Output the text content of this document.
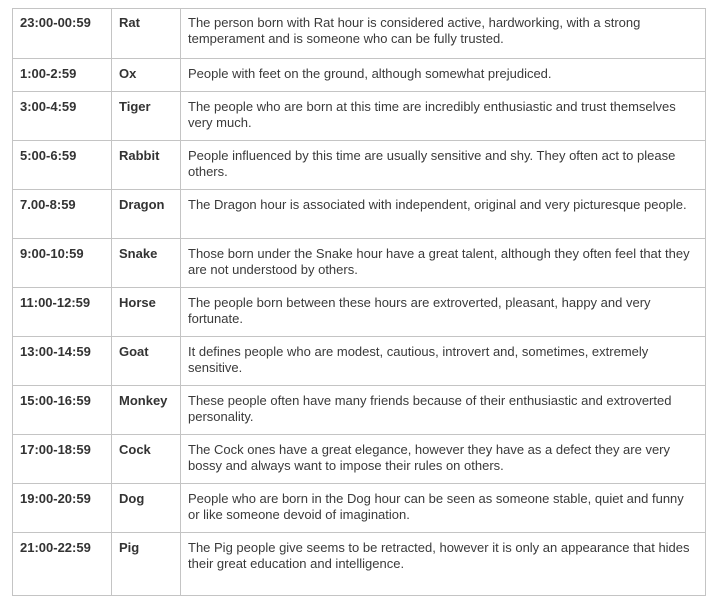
23:00-00:59	Rat	The person born with Rat hour is considered active, hardworking, with a strong temperament and is someone who can be fully trusted.
1:00-2:59	Ox	People with feet on the ground, although somewhat prejudiced.
3:00-4:59	Tiger	The people who are born at this time are incredibly enthusiastic and trust themselves very much.
5:00-6:59	Rabbit	People influenced by this time are usually sensitive and shy. They often act to please others.
7.00-8:59	Dragon	The Dragon hour is associated with independent, original and very picturesque people.
9:00-10:59	Snake	Those born under the Snake hour have a great talent, although they often feel that they are not understood by others.
11:00-12:59	Horse	The people born between these hours are extroverted, pleasant, happy and very fortunate.
13:00-14:59	Goat	It defines people who are modest, cautious, introvert and, sometimes, extremely sensitive.
15:00-16:59	Monkey	These people often have many friends because of their enthusiastic and extroverted personality.
17:00-18:59	Cock	The Cock ones have a great elegance, however they have as a defect they are very bossy and always want to impose their rules on others.
19:00-20:59	Dog	People who are born in the Dog hour can be seen as someone stable, quiet and funny or like someone devoid of imagination.
21:00-22:59	Pig	The Pig people give seems to be retracted, however it is only an appearance that hides their great education and intelligence.
